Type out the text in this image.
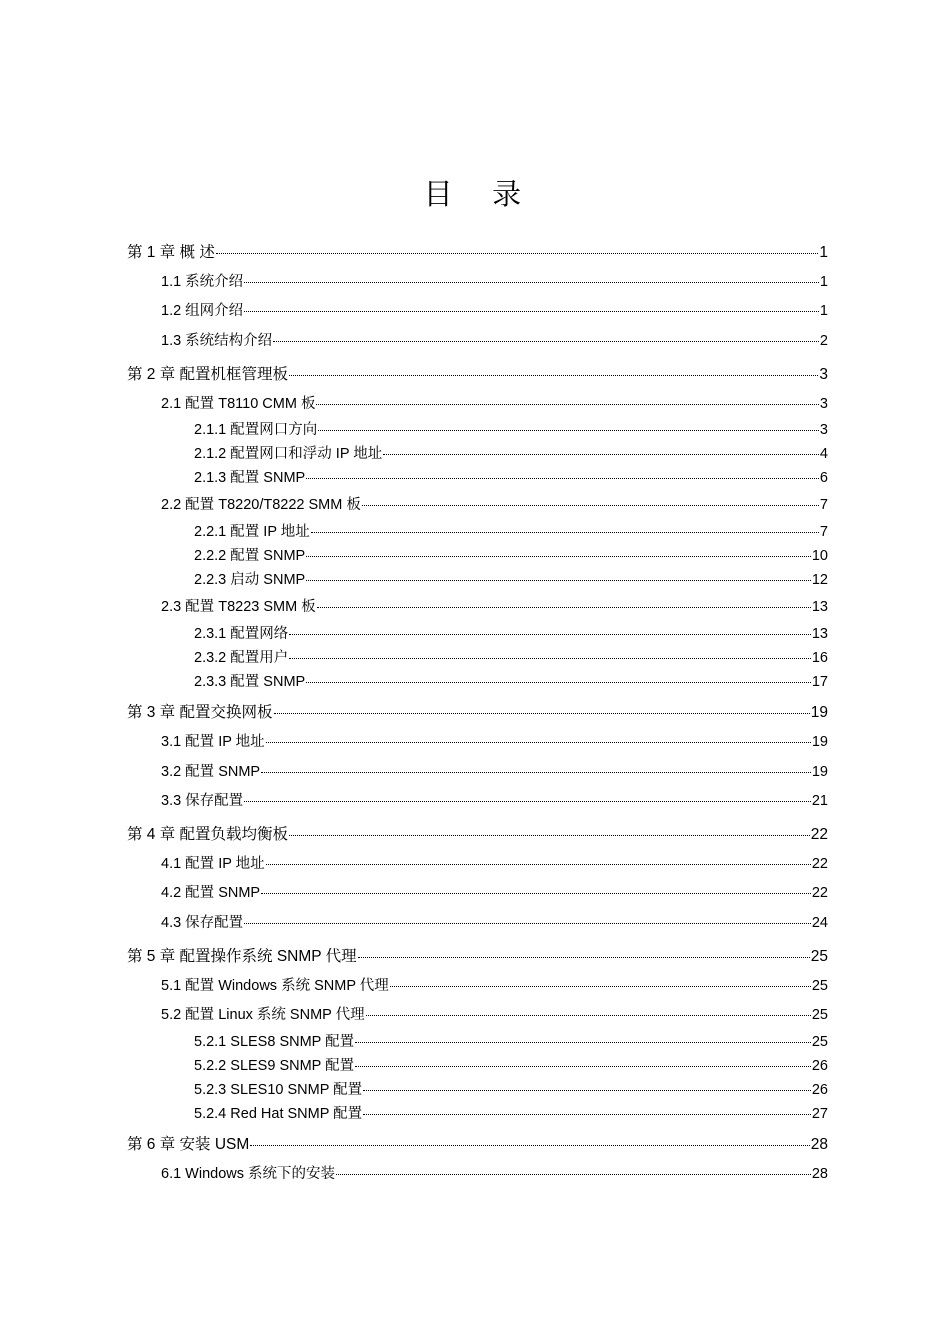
目　录
第 1 章 概 述	1
1.1 系统介绍	1
1.2 组网介绍	1
1.3 系统结构介绍	2
第 2 章 配置机框管理板	3
2.1 配置 T8110 CMM 板	3
2.1.1 配置网口方向	3
2.1.2 配置网口和浮动 IP 地址	4
2.1.3 配置 SNMP	6
2.2 配置 T8220/T8222 SMM 板	7
2.2.1 配置 IP 地址	7
2.2.2 配置 SNMP	10
2.2.3 启动 SNMP	12
2.3 配置 T8223 SMM 板	13
2.3.1 配置网络	13
2.3.2 配置用户	16
2.3.3 配置 SNMP	17
第 3 章 配置交换网板	19
3.1 配置 IP 地址	19
3.2 配置 SNMP	19
3.3 保存配置	21
第 4 章 配置负载均衡板	22
4.1 配置 IP 地址	22
4.2 配置 SNMP	22
4.3 保存配置	24
第 5 章 配置操作系统 SNMP 代理	25
5.1 配置 Windows 系统 SNMP 代理	25
5.2 配置 Linux 系统 SNMP 代理	25
5.2.1 SLES8 SNMP 配置	25
5.2.2 SLES9 SNMP 配置	26
5.2.3 SLES10 SNMP 配置	26
5.2.4 Red Hat SNMP 配置	27
第 6 章 安装 USM	28
6.1 Windows 系统下的安装	28
